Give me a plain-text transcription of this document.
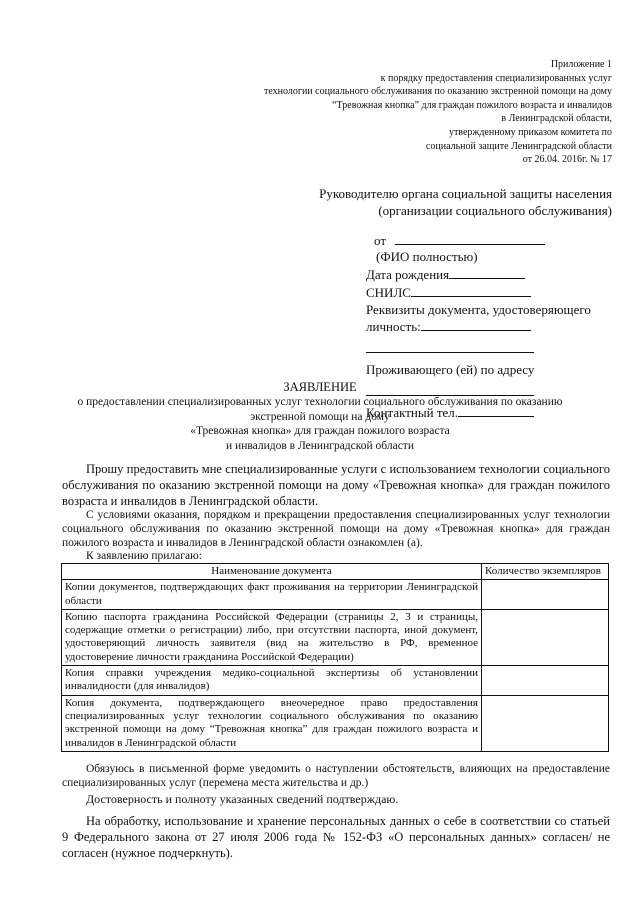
Приложение 1
к порядку предоставления специализированных услуг
технологии социального обслуживания по оказанию экстренной помощи на дому
“Тревожная кнопка” для граждан пожилого возраста и инвалидов
в Ленинградской области,
утвержденному приказом комитета по
социальной защите Ленинградской области
от 26.04. 2016г. № 17
Руководителю органа социальной защиты населения
(организации социального обслуживания)
от
(ФИО полностью)
Дата рождения
СНИЛС
Реквизиты документа, удостоверяющего
личность:
Проживающего (ей) по адресу
Контактный тел.
ЗАЯВЛЕНИЕ
о предоставлении специализированных услуг технологии социального обслуживания по оказанию
экстренной помощи на дому
«Тревожная кнопка» для граждан пожилого возраста
и инвалидов в Ленинградской области
Прошу предоставить мне специализированные услуги с использованием технологии социального обслуживания по оказанию экстренной помощи на дому «Тревожная кнопка» для граждан пожилого возраста и инвалидов в Ленинградской области.
С условиями оказания, порядком и прекращении предоставления специализированных услуг технологии социального обслуживания по оказанию экстренной помощи на дому «Тревожная кнопка» для граждан пожилого возраста и инвалидов в Ленинградской области ознакомлен (а).
К заявлению прилагаю:
Наименование документа	Количество экземпляров
Копии документов, подтверждающих факт проживания на территории Ленинградской области	
Копию паспорта гражданина Российской Федерации (страницы 2, 3 и страницы, содержащие отметки о регистрации) либо, при отсутствии паспорта, иной документ, удостоверяющий личность заявителя (вид на жительство в РФ, временное удостоверение личности гражданина Российской Федерации)	
Копия справки учреждения медико-социальной экспертизы об установлении инвалидности (для инвалидов)	
Копия документа, подтверждающего внеочередное право предоставления специализированных услуг технологии социального обслуживания по оказанию экстренной помощи на дому “Тревожная кнопка” для граждан пожилого возраста и инвалидов в Ленинградской области	
Обязуюсь в письменной форме уведомить о наступлении обстоятельств, влияющих на предоставление специализированных услуг (перемена места жительства и др.)
Достоверность и полноту указанных сведений подтверждаю.
На обработку, использование и хранение персональных данных о себе в соответствии со статьей 9 Федерального закона от 27 июля 2006 года № 152-ФЗ «О персональных данных» согласен/ не согласен (нужное подчеркнуть).
